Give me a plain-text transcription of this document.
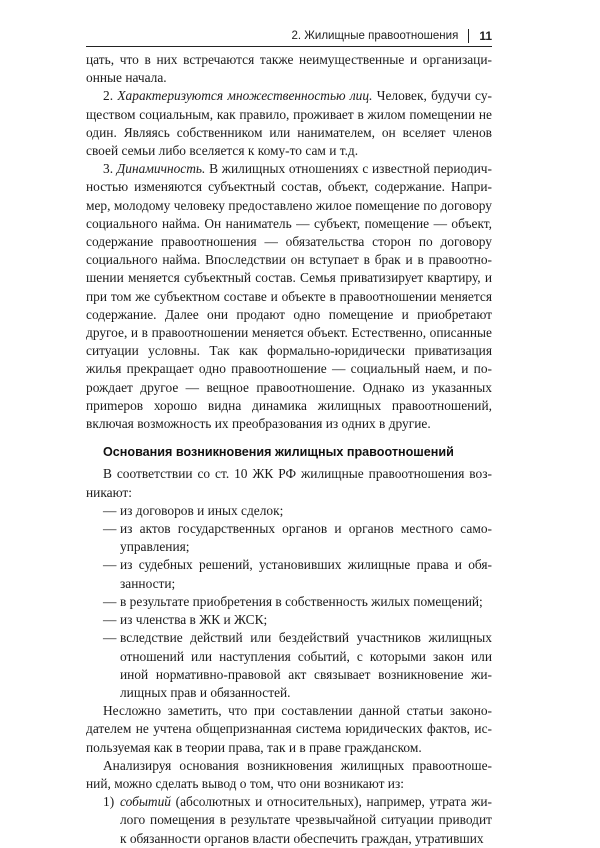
2. Жилищные правоотношения 11

цать, что в них встречаются также неимущественные и организационные начала.

2. Характеризуются множественностью лиц. Человек, будучи существом социальным, как правило, проживает в жилом помещении не один. Являясь собственником или нанимателем, он вселяет членов своей семьи либо вселяется к кому-то сам и т.д.

3. Динамичность. В жилищных отношениях с известной периодичностью изменяются субъектный состав, объект, содержание. Например, молодому человеку предоставлено жилое помещение по договору социального найма. Он наниматель — субъект, помещение — объект, содержание правоотношения — обязательства сторон по договору социального найма. Впоследствии он вступает в брак и в правоотношении меняется субъектный состав. Семья приватизирует квартиру, и при том же субъектном составе и объекте в правоотношении меняется содержание. Далее они продают одно помещение и приобретают другое, и в правоотношении меняется объект. Естественно, описанные ситуации условны. Так как формально-юридически приватизация жилья прекращает одно правоотношение — социальный наем, и порождает другое — вещное правоотношение. Однако из указанных приmеров хорошо видна динамика жилищных правоотношений, включая возможность их преобразования из одних в другие.

Основания возникновения жилищных правоотношений

В соответствии со ст. 10 ЖК РФ жилищные правоотношения возникают:

— из договоров и иных сделок;
— из актов государственных органов и органов местного самоуправления;
— из судебных решений, установивших жилищные права и обязанности;
— в результате приобретения в собственность жилых помещений;
— из членства в ЖК и ЖСК;
— вследствие действий или бездействий участников жилищных отношений или наступления событий, с которыми закон или иной нормативно-правовой акт связывает возникновение жилищных прав и обязанностей.

Несложно заметить, что при составлении данной статьи законодателем не учтена общепризнанная система юридических фактов, используемая как в теории права, так и в праве гражданском.

Анализируя основания возникновения жилищных правоотношений, можно сделать вывод о том, что они возникают из:

1) событий (абсолютных и относительных), например, утрата жилого помещения в результате чрезвычайной ситуации приводит к обязанности органов власти обеспечить граждан, утративших
